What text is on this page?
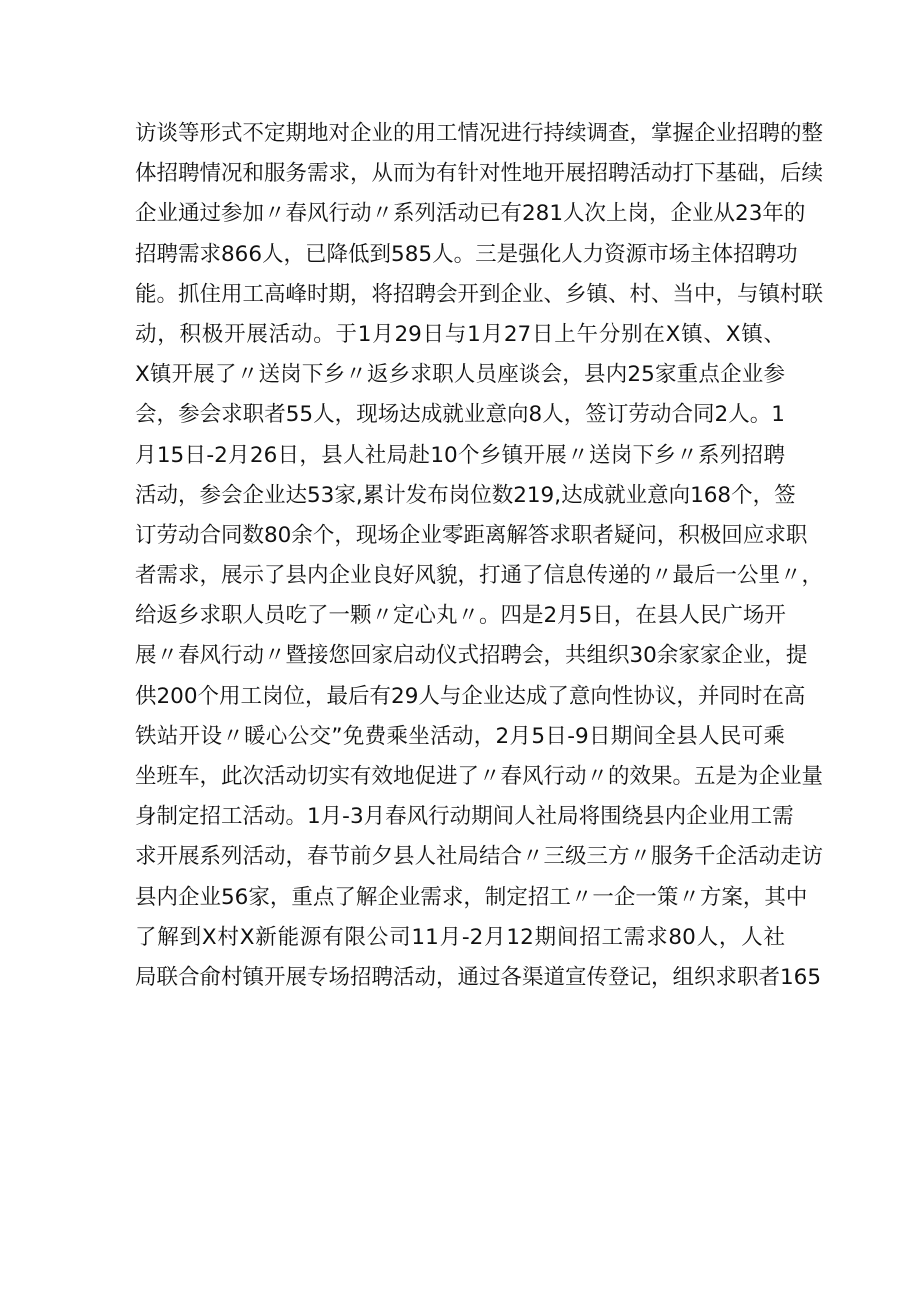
访谈等形式不定期地对企业的用工情况进行持续调查，掌握企业招聘的整
体招聘情况和服务需求，从而为有针对性地开展招聘活动打下基础，后续
企业通过参加〃春风行动〃系列活动已有281人次上岗，企业从23年的
招聘需求866人，已降低到585人。三是强化人力资源市场主体招聘功
能。抓住用工高峰时期，将招聘会开到企业、乡镇、村、当中，与镇村联
动，积极开展活动。于1月29日与1月27日上午分别在X镇、X镇、
X镇开展了〃送岗下乡〃返乡求职人员座谈会，县内25家重点企业参
会，参会求职者55人，现场达成就业意向8人，签订劳动合同2人。1
月15日-2月26日，县人社局赴10个乡镇开展〃送岗下乡〃系列招聘
活动，参会企业达53家,累计发布岗位数219,达成就业意向168个，签
订劳动合同数80余个，现场企业零距离解答求职者疑问，积极回应求职
者需求，展示了县内企业良好风貌，打通了信息传递的〃最后一公里〃，
给返乡求职人员吃了一颗〃定心丸〃。四是2月5日，在县人民广场开
展〃春风行动〃暨接您回家启动仪式招聘会，共组织30余家家企业，提
供200个用工岗位，最后有29人与企业达成了意向性协议，并同时在高
铁站开设〃暖心公交”免费乘坐活动，2月5日-9日期间全县人民可乘
坐班车，此次活动切实有效地促进了〃春风行动〃的效果。五是为企业量
身制定招工活动。1月-3月春风行动期间人社局将围绕县内企业用工需
求开展系列活动，春节前夕县人社局结合〃三级三方〃服务千企活动走访
县内企业56家，重点了解企业需求，制定招工〃一企一策〃方案，其中
了解到X村X新能源有限公司11月-2月12期间招工需求80人，人社
局联合俞村镇开展专场招聘活动，通过各渠道宣传登记，组织求职者165
